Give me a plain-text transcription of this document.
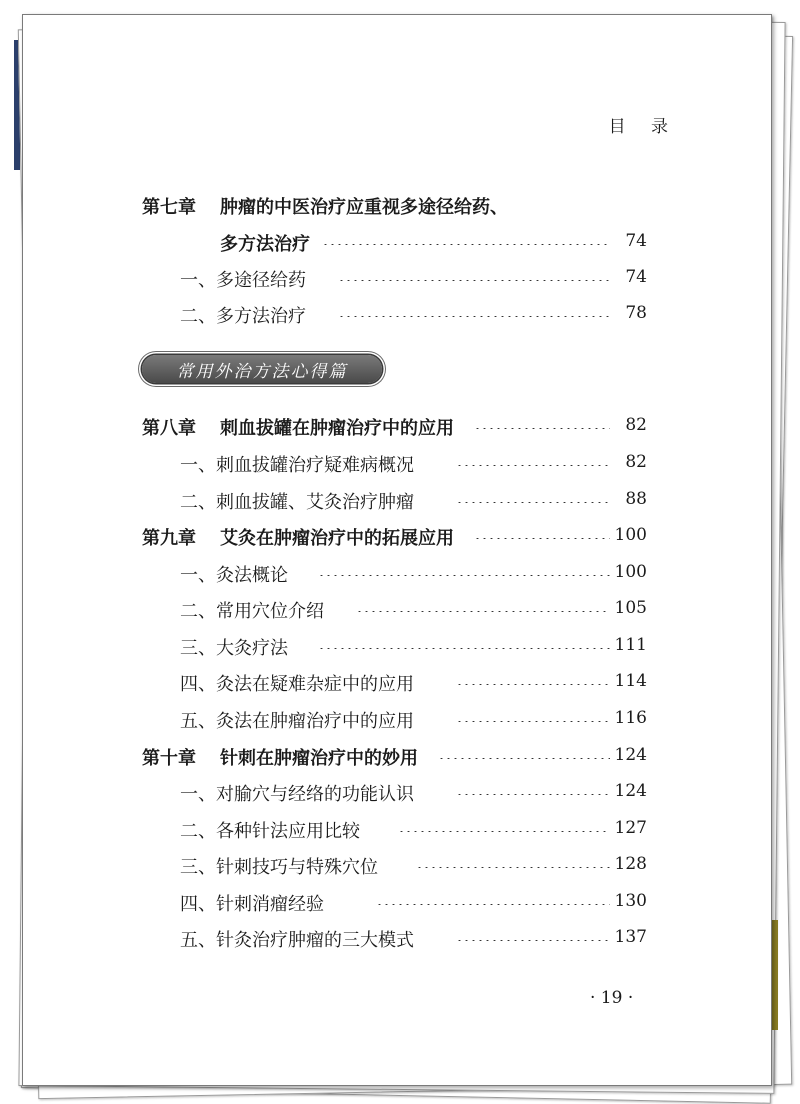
目 录
第七章 肿瘤的中医治疗应重视多途径给药、
多方法治疗	74
一、多途径给药	74
二、多方法治疗	78
常用外治方法心得篇
第八章 刺血拔罐在肿瘤治疗中的应用	82
一、刺血拔罐治疗疑难病概况	82
二、刺血拔罐、艾灸治疗肿瘤	88
第九章 艾灸在肿瘤治疗中的拓展应用	100
一、灸法概论	100
二、常用穴位介绍	105
三、大灸疗法	111
四、灸法在疑难杂症中的应用	114
五、灸法在肿瘤治疗中的应用	116
第十章 针刺在肿瘤治疗中的妙用	124
一、对腧穴与经络的功能认识	124
二、各种针法应用比较	127
三、针刺技巧与特殊穴位	128
四、针刺消瘤经验	130
五、针灸治疗肿瘤的三大模式	137
· 19 ·
